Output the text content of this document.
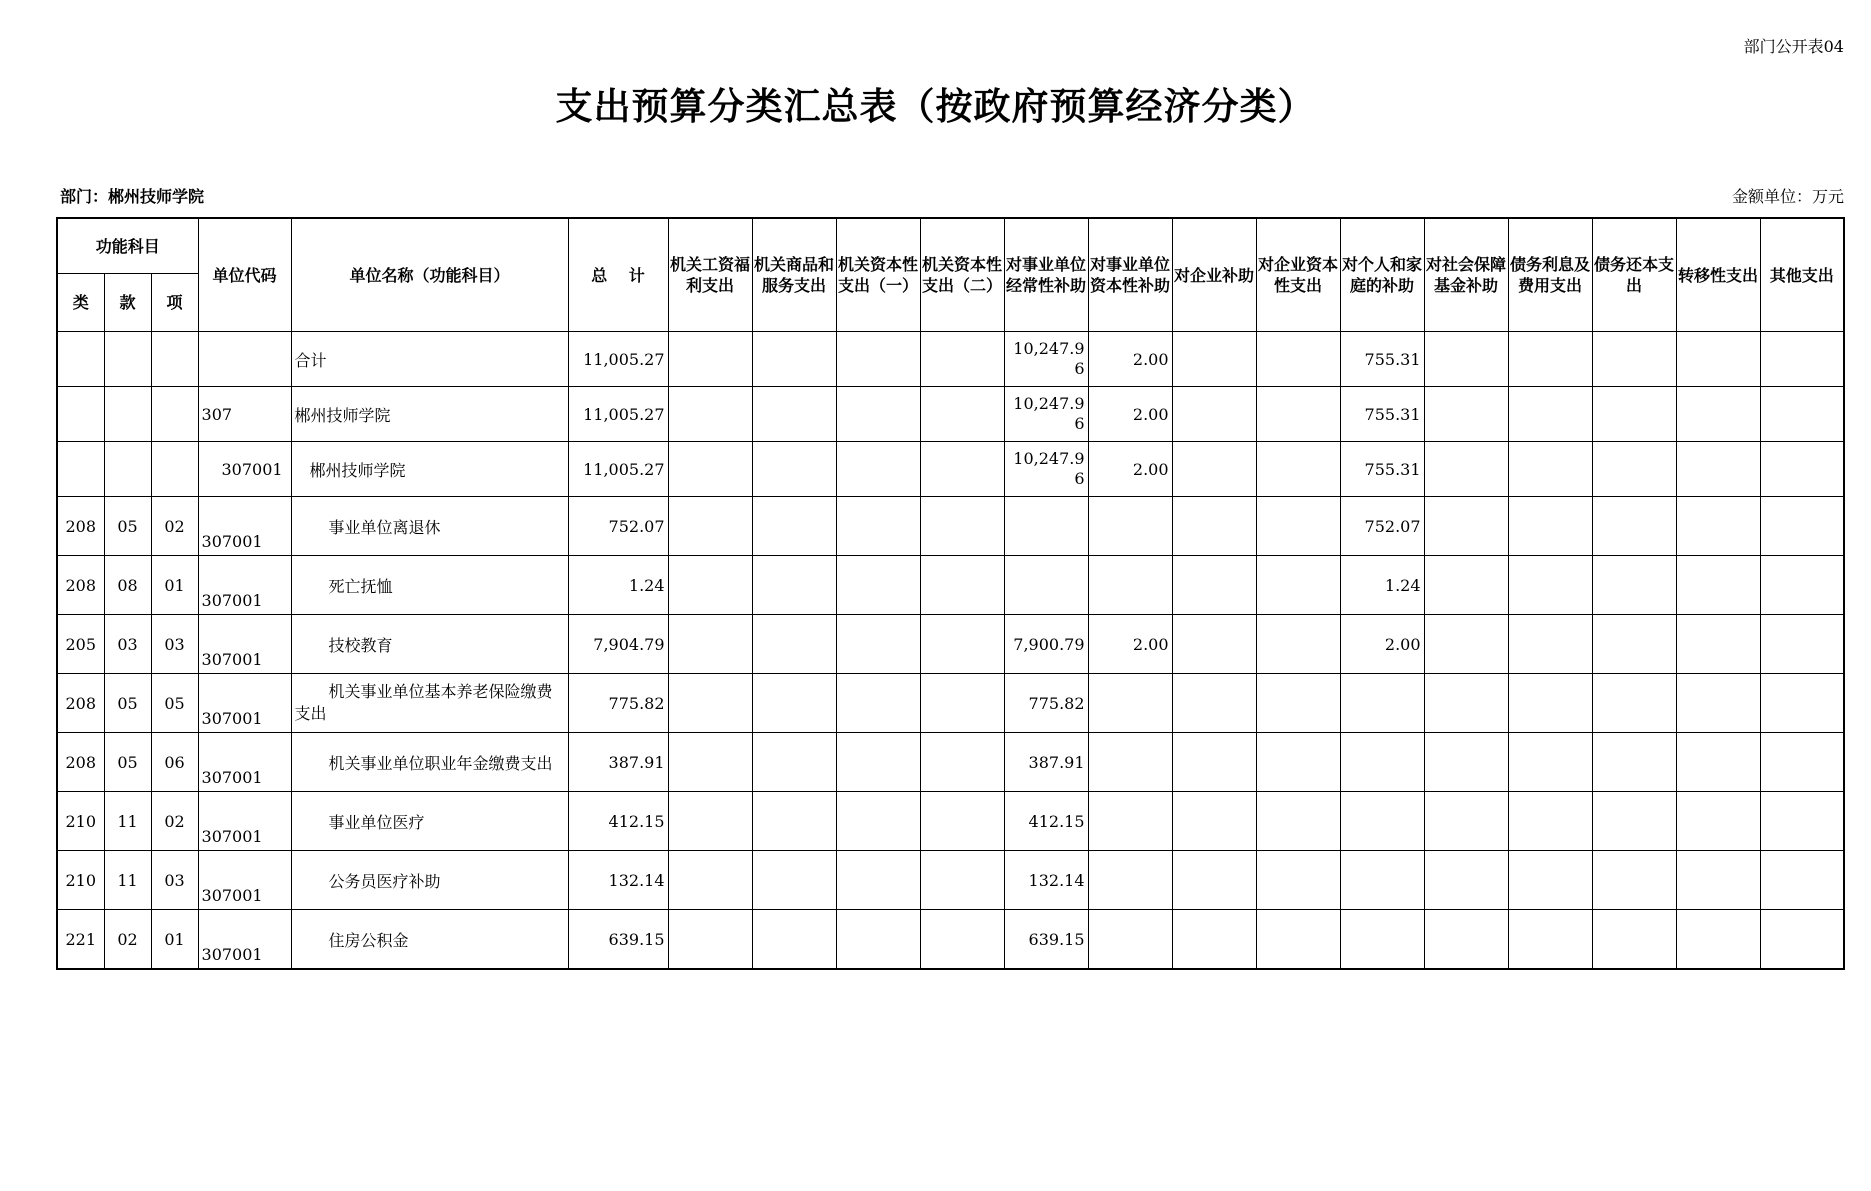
部门公开表04
支出预算分类汇总表（按政府预算经济分类）
部门：郴州技师学院	金额单位：万元
功能科目			单位代码	单位名称（功能科目）	总　 计	机关工资福利支出	机关商品和服务支出	机关资本性支出（一）	机关资本性支出（二）	对事业单位经常性补助	对事业单位资本性补助	对企业补助	对企业资本性支出	对个人和家庭的补助	对社会保障基金补助	债务利息及费用支出	债务还本支出	转移性支出	其他支出
类	款	项																	
				合计	11,005.27					10,247.96	2.00			755.31					
			307	郴州技师学院	11,005.27					10,247.96	2.00			755.31					
			307001	郴州技师学院	11,005.27					10,247.96	2.00			755.31					
208	05	02	307001	事业单位离退休	752.07									752.07					
208	08	01	307001	死亡抚恤	1.24									1.24					
205	03	03	307001	技校教育	7,904.79					7,900.79	2.00			2.00					
208	05	05	307001	机关事业单位基本养老保险缴费支出	775.82					775.82									
208	05	06	307001	机关事业单位职业年金缴费支出	387.91					387.91									
210	11	02	307001	事业单位医疗	412.15					412.15									
210	11	03	307001	公务员医疗补助	132.14					132.14									
221	02	01	307001	住房公积金	639.15					639.15									
